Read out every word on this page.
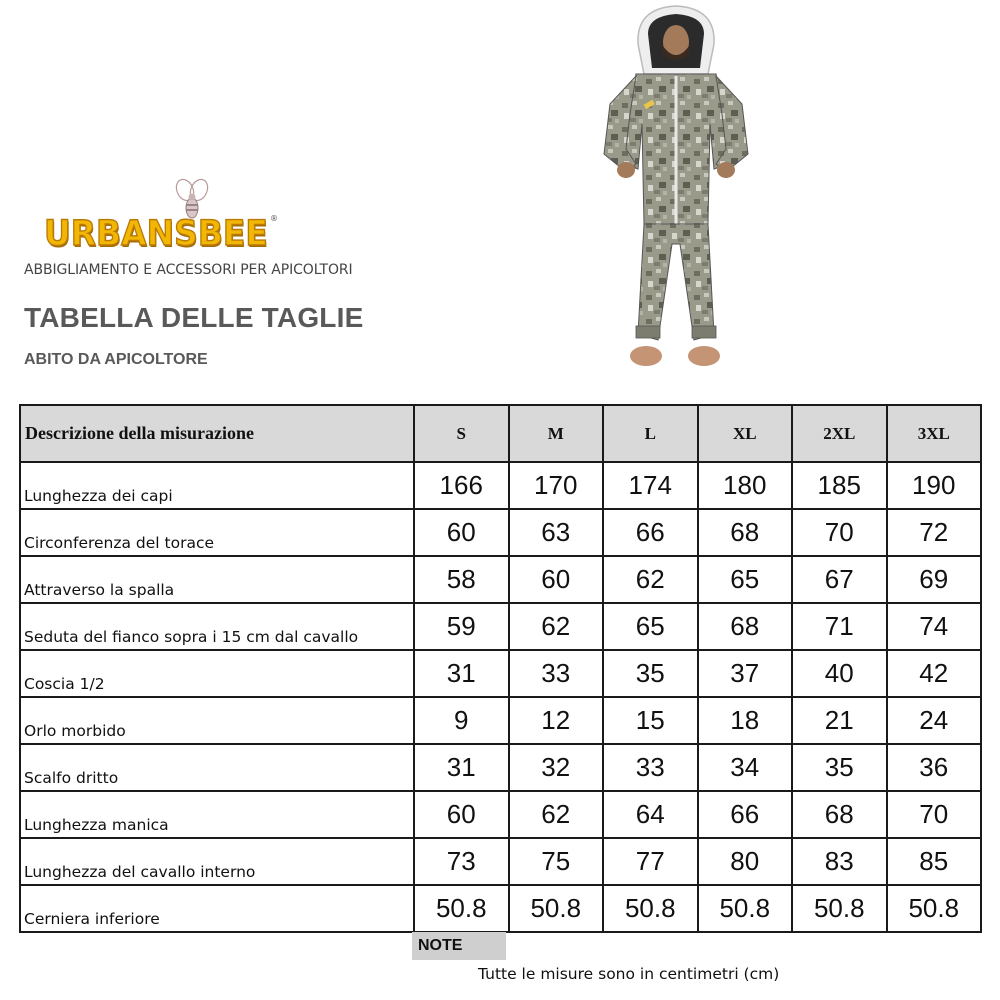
URBANSBEE ®
ABBIGLIAMENTO E ACCESSORI PER APICOLTORI
TABELLA DELLE TAGLIE
ABITO DA APICOLTORE
Descrizione della misurazione	S	M	L	XL	2XL	3XL
Lunghezza dei capi	166	170	174	180	185	190
Circonferenza del torace	60	63	66	68	70	72
Attraverso la spalla	58	60	62	65	67	69
Seduta del fianco sopra i 15 cm dal cavallo	59	62	65	68	71	74
Coscia 1/2	31	33	35	37	40	42
Orlo morbido	9	12	15	18	21	24
Scalfo dritto	31	32	33	34	35	36
Lunghezza manica	60	62	64	66	68	70
Lunghezza del cavallo interno	73	75	77	80	83	85
Cerniera inferiore	50.8	50.8	50.8	50.8	50.8	50.8
NOTE
Tutte le misure sono in centimetri (cm)
